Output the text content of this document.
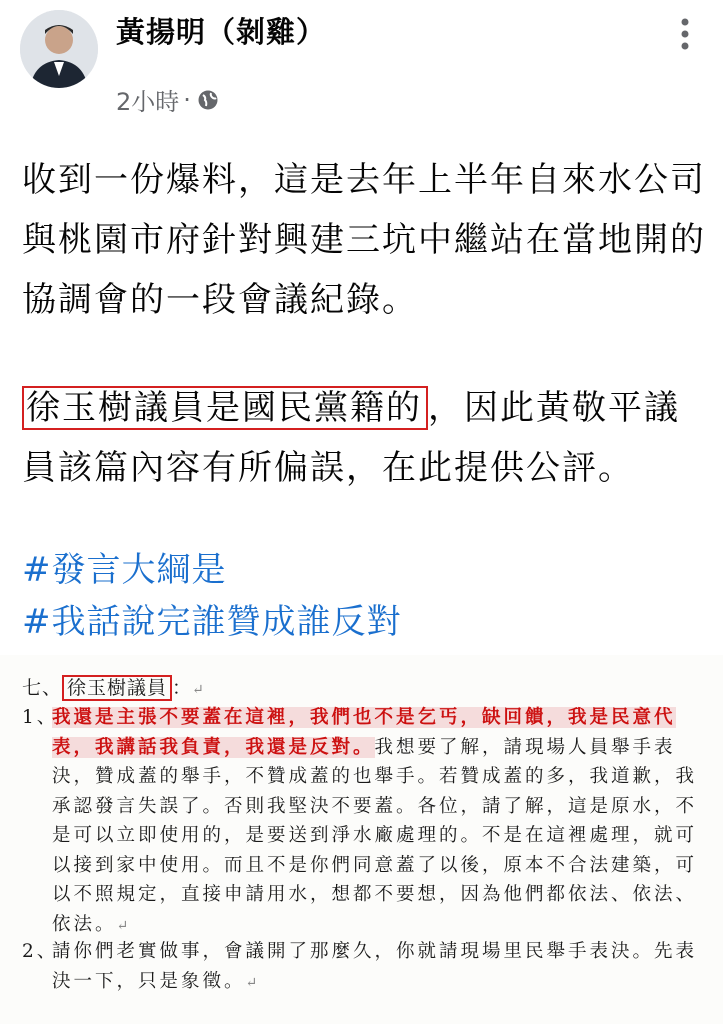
黃揚明（剝雞）
2小時 ·

收到一份爆料，這是去年上半年自來水公司與桃園市府針對興建三坑中繼站在當地開的協調會的一段會議紀錄。

徐玉樹議員是國民黨籍的 ，因此黃敬平議員該篇內容有所偏誤，在此提供公評。

#發言大綱是
#我話說完誰贊成誰反對
七、 徐玉樹議員 ：↵
1、
我還是主張不要蓋在這裡，我們也不是乞丐，缺回饋，我是民意代表，我講話我負責，我還是反對。我想要了解，請現場人員舉手表決，贊成蓋的舉手，不贊成蓋的也舉手。若贊成蓋的多，我道歉，我承認發言失誤了。否則我堅決不要蓋。各位，請了解，這是原水，不是可以立即使用的，是要送到淨水廠處理的。不是在這裡處理，就可以接到家中使用。而且不是你們同意蓋了以後，原本不合法建築，可以不照規定，直接申請用水，想都不要想，因為他們都依法、依法、依法。↵
2、
請你們老實做事，會議開了那麼久，你就請現場里民舉手表決。先表決一下，只是象徵。↵
